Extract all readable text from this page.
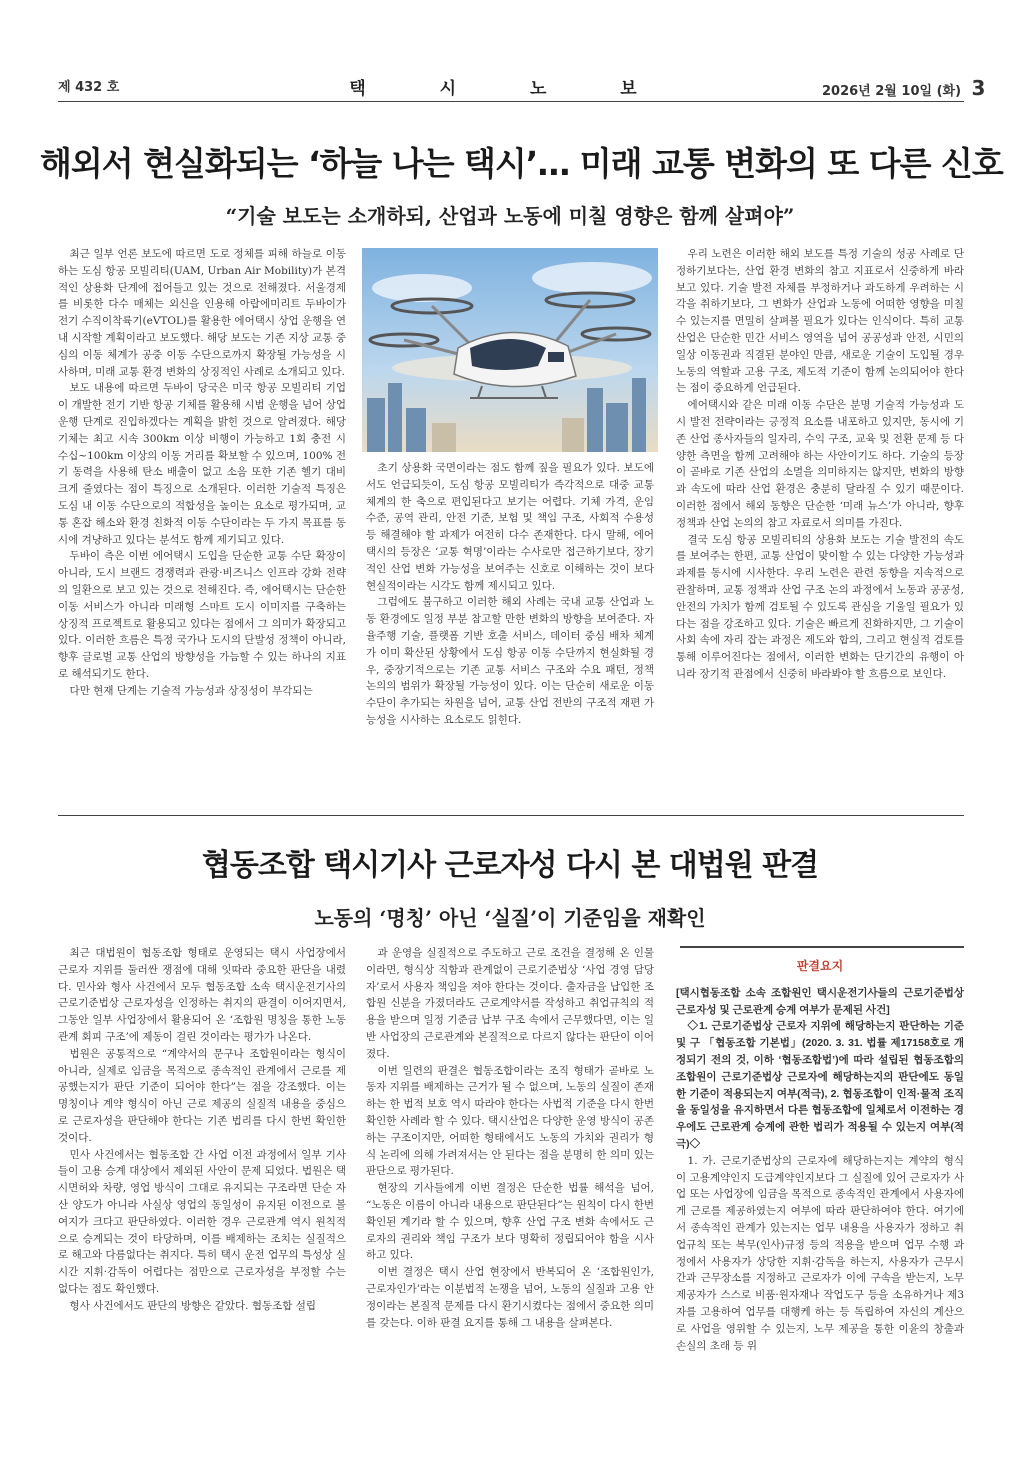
제 432 호	택 시 노 보	2026년 2월 10일 (화) 3
해외서 현실화되는 ‘하늘 나는 택시’… 미래 교통 변화의 또 다른 신호
“기술 보도는 소개하되, 산업과 노동에 미칠 영향은 함께 살펴야”

최근 일부 언론 보도에 따르면 도로 정체를 피해 하늘로 이동하는 도심 항공 모빌리티(UAM, Urban Air Mobility)가 본격적인 상용화 단계에 접어들고 있는 것으로 전해졌다. 서울경제를 비롯한 다수 매체는 외신을 인용해 아랍에미리트 두바이가 전기 수직이착륙기(eVTOL)를 활용한 에어택시 상업 운행을 연내 시작할 계획이라고 보도했다. 해당 보도는 기존 지상 교통 중심의 이동 체계가 공중 이동 수단으로까지 확장될 가능성을 시사하며, 미래 교통 환경 변화의 상징적인 사례로 소개되고 있다.

보도 내용에 따르면 두바이 당국은 미국 항공 모빌리티 기업이 개발한 전기 기반 항공 기체를 활용해 시범 운행을 넘어 상업 운행 단계로 진입하겠다는 계획을 밝힌 것으로 알려졌다. 해당 기체는 최고 시속 300km 이상 비행이 가능하고 1회 충전 시 수십~100km 이상의 이동 거리를 확보할 수 있으며, 100% 전기 동력을 사용해 탄소 배출이 없고 소음 또한 기존 헬기 대비 크게 줄였다는 점이 특징으로 소개된다. 이러한 기술적 특징은 도심 내 이동 수단으로의 적합성을 높이는 요소로 평가되며, 교통 혼잡 해소와 환경 친화적 이동 수단이라는 두 가지 목표를 동시에 겨냥하고 있다는 분석도 함께 제기되고 있다.

두바이 측은 이번 에어택시 도입을 단순한 교통 수단 확장이 아니라, 도시 브랜드 경쟁력과 관광·비즈니스 인프라 강화 전략의 일환으로 보고 있는 것으로 전해진다. 즉, 에어택시는 단순한 이동 서비스가 아니라 미래형 스마트 도시 이미지를 구축하는 상징적 프로젝트로 활용되고 있다는 점에서 그 의미가 확장되고 있다. 이러한 흐름은 특정 국가나 도시의 단발성 정책이 아니라, 향후 글로벌 교통 산업의 방향성을 가늠할 수 있는 하나의 지표로 해석되기도 한다.

다만 현재 단계는 기술적 가능성과 상징성이 부각되는

초기 상용화 국면이라는 점도 함께 짚을 필요가 있다. 보도에서도 언급되듯이, 도심 항공 모빌리티가 즉각적으로 대중 교통 체계의 한 축으로 편입된다고 보기는 어렵다. 기체 가격, 운임 수준, 공역 관리, 안전 기준, 보험 및 책임 구조, 사회적 수용성 등 해결해야 할 과제가 여전히 다수 존재한다. 다시 말해, 에어택시의 등장은 ‘교통 혁명’이라는 수사로만 접근하기보다, 장기적인 산업 변화 가능성을 보여주는 신호로 이해하는 것이 보다 현실적이라는 시각도 함께 제시되고 있다.

그럼에도 불구하고 이러한 해외 사례는 국내 교통 산업과 노동 환경에도 일정 부분 참고할 만한 변화의 방향을 보여준다. 자율주행 기술, 플랫폼 기반 호출 서비스, 데이터 중심 배차 체계가 이미 확산된 상황에서 도심 항공 이동 수단까지 현실화될 경우, 중장기적으로는 기존 교통 서비스 구조와 수요 패턴, 정책 논의의 범위가 확장될 가능성이 있다. 이는 단순히 새로운 이동 수단이 추가되는 차원을 넘어, 교통 산업 전반의 구조적 재편 가능성을 시사하는 요소로도 읽힌다.

우리 노련은 이러한 해외 보도를 특정 기술의 성공 사례로 단정하기보다는, 산업 환경 변화의 참고 지표로서 신중하게 바라보고 있다. 기술 발전 자체를 부정하거나 과도하게 우려하는 시각을 취하기보다, 그 변화가 산업과 노동에 어떠한 영향을 미칠 수 있는지를 면밀히 살펴볼 필요가 있다는 인식이다. 특히 교통 산업은 단순한 민간 서비스 영역을 넘어 공공성과 안전, 시민의 일상 이동권과 직결된 분야인 만큼, 새로운 기술이 도입될 경우 노동의 역할과 고용 구조, 제도적 기준이 함께 논의되어야 한다는 점이 중요하게 언급된다.

에어택시와 같은 미래 이동 수단은 분명 기술적 가능성과 도시 발전 전략이라는 긍정적 요소를 내포하고 있지만, 동시에 기존 산업 종사자들의 일자리, 수익 구조, 교육 및 전환 문제 등 다양한 측면을 함께 고려해야 하는 사안이기도 하다. 기술의 등장이 곧바로 기존 산업의 소멸을 의미하지는 않지만, 변화의 방향과 속도에 따라 산업 환경은 충분히 달라질 수 있기 때문이다. 이러한 점에서 해외 동향은 단순한 ‘미래 뉴스’가 아니라, 향후 정책과 산업 논의의 참고 자료로서 의미를 가진다.

결국 도심 항공 모빌리티의 상용화 보도는 기술 발전의 속도를 보여주는 한편, 교통 산업이 맞이할 수 있는 다양한 가능성과 과제를 동시에 시사한다. 우리 노련은 관련 동향을 지속적으로 관찰하며, 교통 정책과 산업 구조 논의 과정에서 노동과 공공성, 안전의 가치가 함께 검토될 수 있도록 관심을 기울일 필요가 있다는 점을 강조하고 있다. 기술은 빠르게 진화하지만, 그 기술이 사회 속에 자리 잡는 과정은 제도와 합의, 그리고 현실적 검토를 통해 이루어진다는 점에서, 이러한 변화는 단기간의 유행이 아니라 장기적 관점에서 신중히 바라봐야 할 흐름으로 보인다.

협동조합 택시기사 근로자성 다시 본 대법원 판결
노동의 ‘명칭’ 아닌 ‘실질’이 기준임을 재확인

최근 대법원이 협동조합 형태로 운영되는 택시 사업장에서 근로자 지위를 둘러싼 쟁점에 대해 잇따라 중요한 판단을 내렸다. 민사와 형사 사건에서 모두 협동조합 소속 택시운전기사의 근로기준법상 근로자성을 인정하는 취지의 판결이 이어지면서, 그동안 일부 사업장에서 활용되어 온 ‘조합원 명칭을 통한 노동관계 회피 구조’에 제동이 걸린 것이라는 평가가 나온다.

법원은 공통적으로 “계약서의 문구나 조합원이라는 형식이 아니라, 실제로 임금을 목적으로 종속적인 관계에서 근로를 제공했는지가 판단 기준이 되어야 한다”는 점을 강조했다. 이는 명칭이나 계약 형식이 아닌 근로 제공의 실질적 내용을 중심으로 근로자성을 판단해야 한다는 기존 법리를 다시 한번 확인한 것이다.

민사 사건에서는 협동조합 간 사업 이전 과정에서 일부 기사들이 고용 승계 대상에서 제외된 사안이 문제 되었다. 법원은 택시면허와 차량, 영업 방식이 그대로 유지되는 구조라면 단순 자산 양도가 아니라 사실상 영업의 동일성이 유지된 이전으로 볼 여지가 크다고 판단하였다. 이러한 경우 근로관계 역시 원칙적으로 승계되는 것이 타당하며, 이를 배제하는 조치는 실질적으로 해고와 다름없다는 취지다. 특히 택시 운전 업무의 특성상 실시간 지휘·감독이 어렵다는 점만으로 근로자성을 부정할 수는 없다는 점도 확인했다.

형사 사건에서도 판단의 방향은 같았다. 협동조합 설립

과 운영을 실질적으로 주도하고 근로 조건을 결정해 온 인물이라면, 형식상 직함과 관계없이 근로기준법상 ‘사업 경영 담당자’로서 사용자 책임을 져야 한다는 것이다. 출자금을 납입한 조합원 신분을 가졌더라도 근로계약서를 작성하고 취업규칙의 적용을 받으며 일정 기준금 납부 구조 속에서 근무했다면, 이는 일반 사업장의 근로관계와 본질적으로 다르지 않다는 판단이 이어졌다.

이번 일련의 판결은 협동조합이라는 조직 형태가 곧바로 노동자 지위를 배제하는 근거가 될 수 없으며, 노동의 실질이 존재하는 한 법적 보호 역시 따라야 한다는 사법적 기준을 다시 한번 확인한 사례라 할 수 있다. 택시산업은 다양한 운영 방식이 공존하는 구조이지만, 어떠한 형태에서도 노동의 가치와 권리가 형식 논리에 의해 가려져서는 안 된다는 점을 분명히 한 의미 있는 판단으로 평가된다.

현장의 기사들에게 이번 결정은 단순한 법률 해석을 넘어, “노동은 이름이 아니라 내용으로 판단된다”는 원칙이 다시 한번 확인된 계기라 할 수 있으며, 향후 산업 구조 변화 속에서도 근로자의 권리와 책임 구조가 보다 명확히 정립되어야 함을 시사하고 있다.

이번 결정은 택시 산업 현장에서 반복되어 온 ‘조합원인가, 근로자인가’라는 이분법적 논쟁을 넘어, 노동의 실질과 고용 안정이라는 본질적 문제를 다시 환기시켰다는 점에서 중요한 의미를 갖는다. 이하 판결 요지를 통해 그 내용을 살펴본다.

판결요지

[택시협동조합 소속 조합원인 택시운전기사들의 근로기준법상 근로자성 및 근로관계 승계 여부가 문제된 사건]

◇1. 근로기준법상 근로자 지위에 해당하는지 판단하는 기준 및 구 「협동조합 기본법」(2020. 3. 31. 법률 제17158호로 개정되기 전의 것, 이하 ‘협동조합법’)에 따라 설립된 협동조합의 조합원이 근로기준법상 근로자에 해당하는지의 판단에도 동일한 기준이 적용되는지 여부(적극), 2. 협동조합이 인적·물적 조직을 동일성을 유지하면서 다른 협동조합에 일체로서 이전하는 경우에도 근로관계 승계에 관한 법리가 적용될 수 있는지 여부(적극)◇

1. 가. 근로기준법상의 근로자에 해당하는지는 계약의 형식이 고용계약인지 도급계약인지보다 그 실질에 있어 근로자가 사업 또는 사업장에 임금을 목적으로 종속적인 관계에서 사용자에게 근로를 제공하였는지 여부에 따라 판단하여야 한다. 여기에서 종속적인 관계가 있는지는 업무 내용을 사용자가 정하고 취업규칙 또는 복무(인사)규정 등의 적용을 받으며 업무 수행 과정에서 사용자가 상당한 지휘·감독을 하는지, 사용자가 근무시간과 근무장소를 지정하고 근로자가 이에 구속을 받는지, 노무제공자가 스스로 비품·원자재나 작업도구 등을 소유하거나 제3자를 고용하여 업무를 대행케 하는 등 독립하여 자신의 계산으로 사업을 영위할 수 있는지, 노무 제공을 통한 이윤의 창출과 손실의 초래 등 위
